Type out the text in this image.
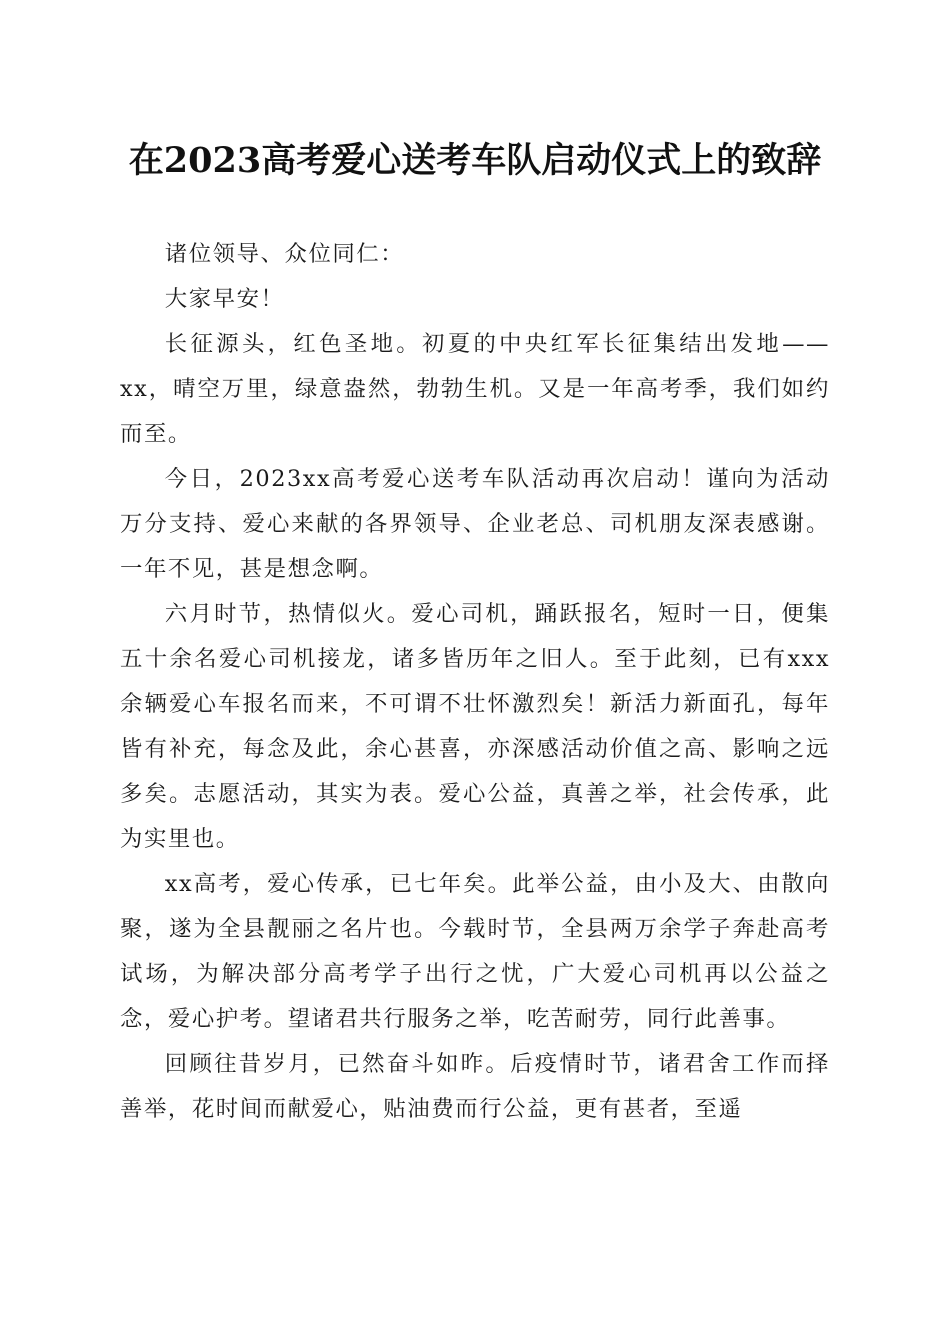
在2023高考爱心送考车队启动仪式上的致辞

诸位领导、众位同仁：

大家早安！

长征源头，红色圣地。初夏的中央红军长征集结出发地——xx，晴空万里，绿意盎然，勃勃生机。又是一年高考季，我们如约而至。

今日，2023xx高考爱心送考车队活动再次启动！谨向为活动万分支持、爱心来献的各界领导、企业老总、司机朋友深表感谢。一年不见，甚是想念啊。

六月时节，热情似火。爱心司机，踊跃报名，短时一日，便集五十余名爱心司机接龙，诸多皆历年之旧人。至于此刻，已有xxx余辆爱心车报名而来，不可谓不壮怀激烈矣！新活力新面孔，每年皆有补充，每念及此，余心甚喜，亦深感活动价值之高、影响之远多矣。志愿活动，其实为表。爱心公益，真善之举，社会传承，此为实里也。

xx高考，爱心传承，已七年矣。此举公益，由小及大、由散向聚，遂为全县靓丽之名片也。今载时节，全县两万余学子奔赴高考试场，为解决部分高考学子出行之忧，广大爱心司机再以公益之念，爱心护考。望诸君共行服务之举，吃苦耐劳，同行此善事。

回顾往昔岁月，已然奋斗如昨。后疫情时节，诸君舍工作而择善举，花时间而献爱心，贴油费而行公益，更有甚者，至遥
